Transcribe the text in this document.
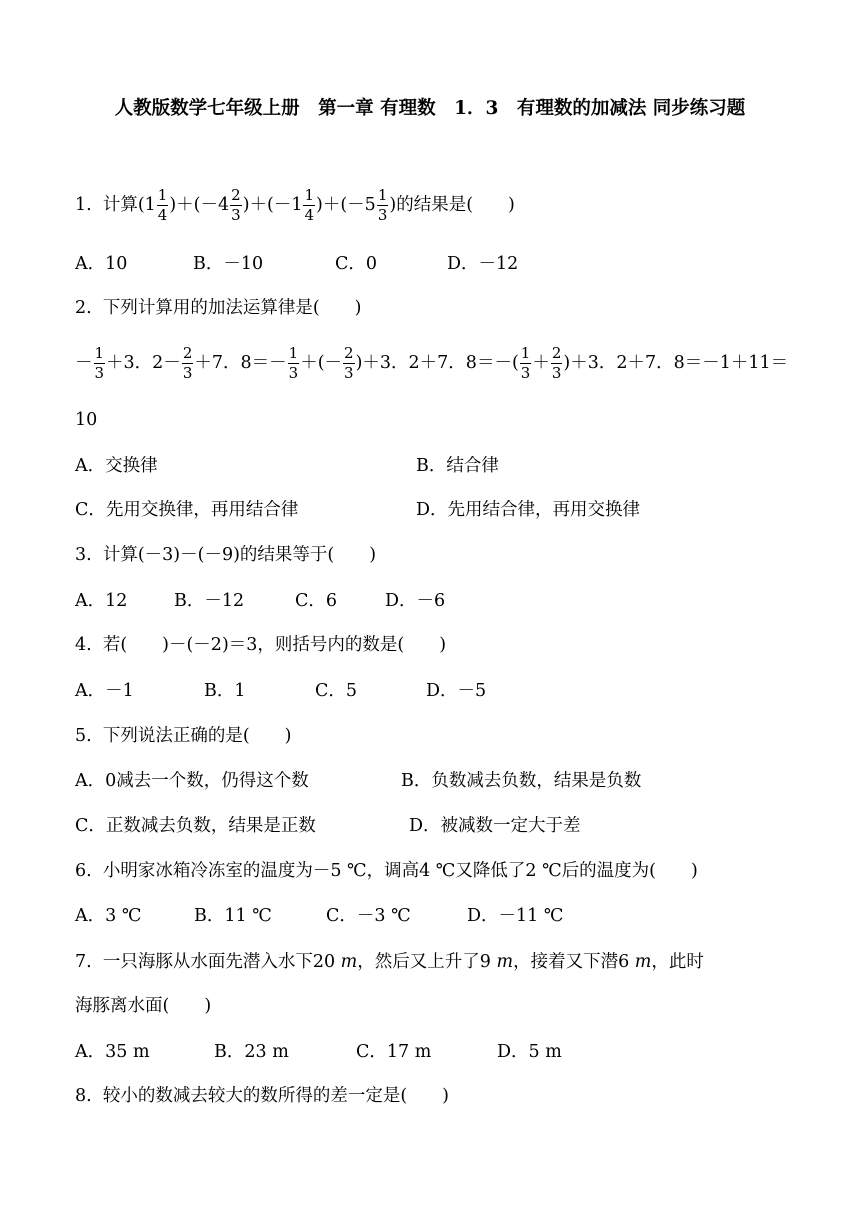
人教版数学七年级上册　第一章 有理数　1．3　有理数的加减法 同步练习题
1.  计算$(1 \frac{1}{4} )+(-4 \frac{2}{3} )+(-1 \frac{1}{4} )+(-5 \frac{1}{3}$ )的结果是(　　)
A．10	B．－10	C．0	D．－12
2.  下列计算用的加法运算律是(　　)
－ $\frac{1}{3} +3$．$2- \frac{2}{3} +7$．$8=- \frac{1}{3}$ ＋(－ $\frac{2}{3} )+3$．2＋7．$8=-( \frac{1}{3} + \frac{2}{3} )+3$．2＋7．8＝－1＋11＝
10
A．交换律	B．结合律
C．先用交换律，再用结合律	D．先用结合律，再用交换律
3.  计算(－3)－(－9)的结果等于(　　)
A．12	B．－12	C．6	D．－6
4.  若(　　)－(－2)＝3，则括号内的数是(　　)
A．－1	B．1	C．5	D．－5
5.  下列说法正确的是(　　)
A．0减去一个数，仍得这个数	B．负数减去负数，结果是负数
C．正数减去负数，结果是正数	D．被减数一定大于差
6.  小明家冰箱冷冻室的温度为－5 ℃，调高4 ℃又降低了2 ℃后的温度为(　　)
A．3 ℃	B．11 ℃	C．－3 ℃	D．－11 ℃
7.  一只海豚从水面先潜入水下20 m，然后又上升了9 m，接着又下潜6 m，此时
海豚离水面(　　)
A．35 m	B．23 m	C．17 m	D．5 m
8.  较小的数减去较大的数所得的差一定是(　　)
